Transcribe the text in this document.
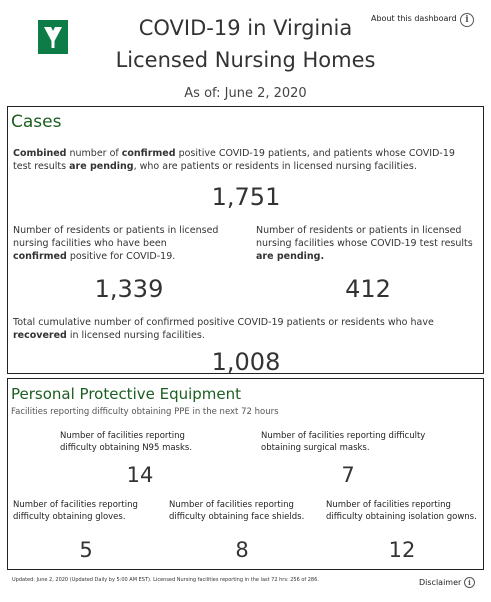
COVID-19 in Virginia
Licensed Nursing Homes
As of: June 2, 2020
About this dashboard i
Cases
Combined number of confirmed positive COVID-19 patients, and patients whose COVID-19 test results are pending, who are patients or residents in licensed nursing facilities.
1,751
Number of residents or patients in licensed nursing facilities who have been confirmed positive for COVID-19.
1,339
Number of residents or patients in licensed nursing facilities whose COVID-19 test results are pending.
412
Total cumulative number of confirmed positive COVID-19 patients or residents who have recovered in licensed nursing facilities.
1,008
Personal Protective Equipment
Facilities reporting difficulty obtaining PPE in the next 72 hours
Number of facilities reporting difficulty obtaining N95 masks.
14
Number of facilities reporting difficulty obtaining surgical masks.
7
Number of facilities reporting difficulty obtaining gloves.
5
Number of facilities reporting difficulty obtaining face shields.
8
Number of facilities reporting difficulty obtaining isolation gowns.
12
Updated: June 2, 2020 (Updated Daily by 5:00 AM EST). Licensed Nursing facilities reporting in the last 72 hrs: 256 of 286.	Disclaimer i
